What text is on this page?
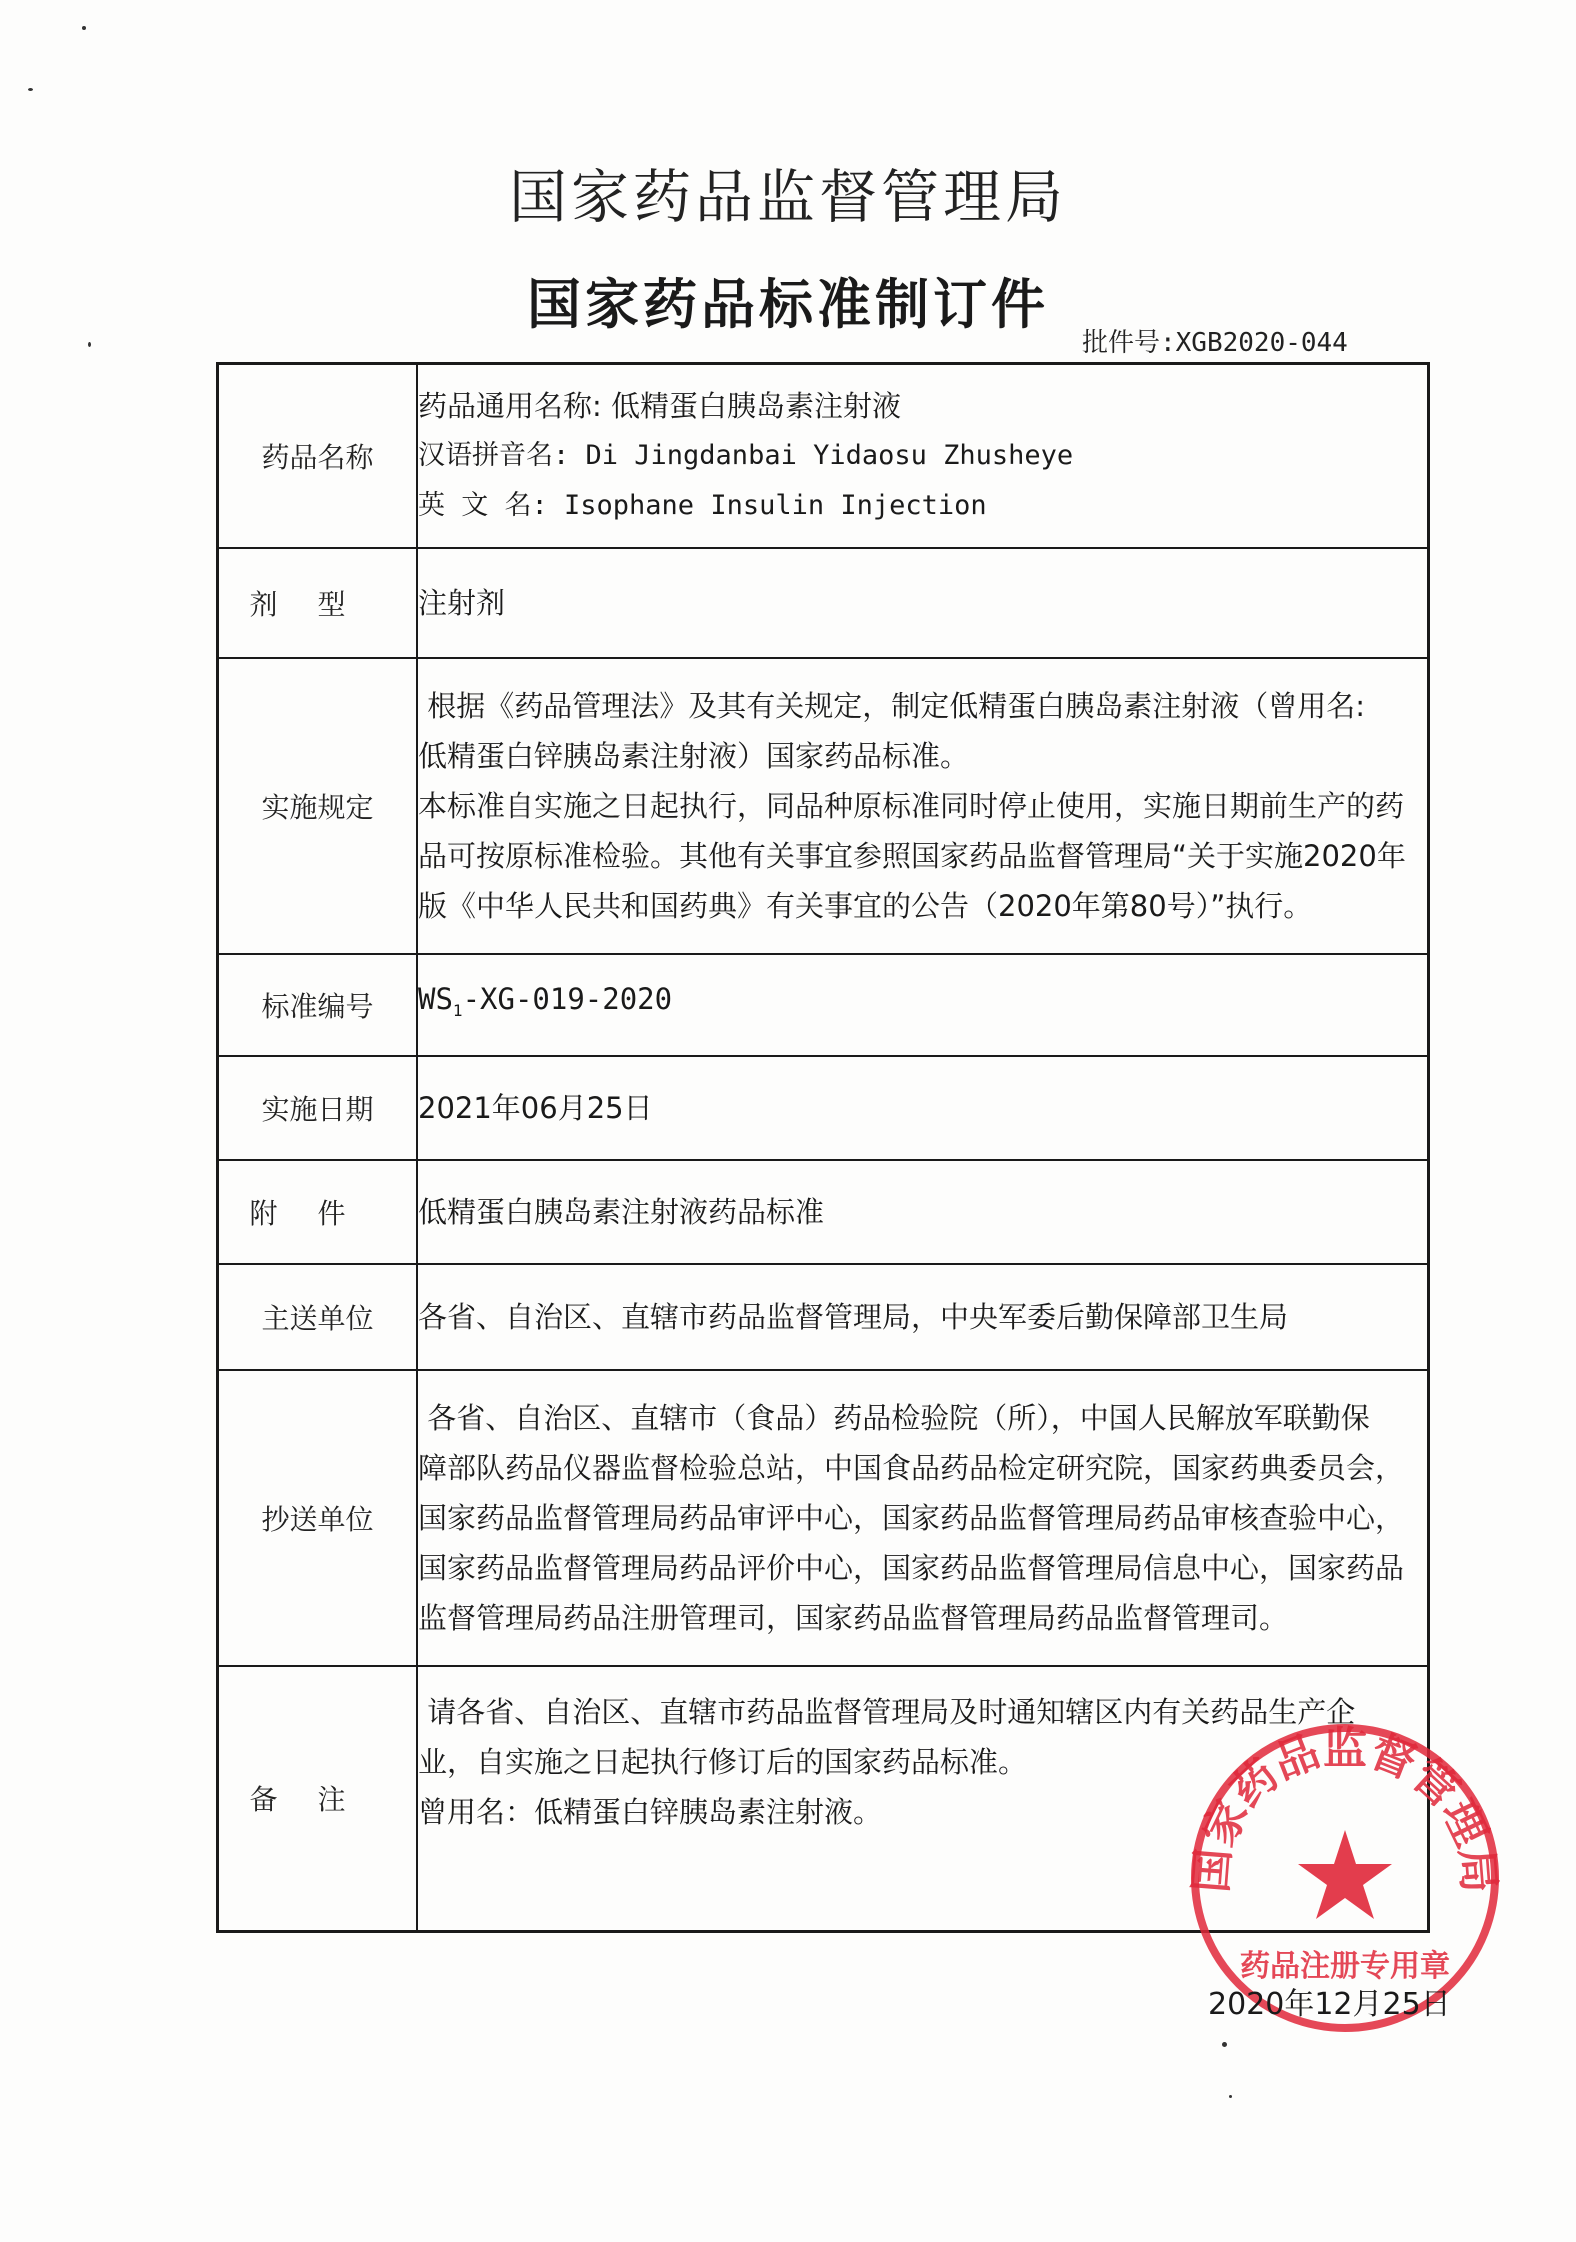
国家药品监督管理局
国家药品标准制订件
批件号:XGB2020-044
药品名称	药品通用名称: 低精蛋白胰岛素注射液
汉语拼音名: Di Jingdanbai Yidaosu Zhusheye
英 文 名: Isophane Insulin Injection

剂型	注射剂
实施规定	根据《药品管理法》及其有关规定，制定低精蛋白胰岛素注射液（曾用名:
低精蛋白锌胰岛素注射液）国家药品标准。
本标准自实施之日起执行，同品种原标准同时停止使用，实施日期前生产的药
品可按原标准检验。其他有关事宜参照国家药品监督管理局“关于实施2020年
版《中华人民共和国药典》有关事宜的公告（2020年第80号）”执行。

标准编号	$WS_1-XG-019-2020$
实施日期	2021年06月25日
附件	低精蛋白胰岛素注射液药品标准
主送单位	各省、自治区、直辖市药品监督管理局，中央军委后勤保障部卫生局
抄送单位	各省、自治区、直辖市（食品）药品检验院（所），中国人民解放军联勤保
障部队药品仪器监督检验总站，中国食品药品检定研究院，国家药典委员会，
国家药品监督管理局药品审评中心，国家药品监督管理局药品审核查验中心，
国家药品监督管理局药品评价中心，国家药品监督管理局信息中心，国家药品
监督管理局药品注册管理司，国家药品监督管理局药品监督管理司。

备注	请各省、自治区、直辖市药品监督管理局及时通知辖区内有关药品生产企
业，自实施之日起执行修订后的国家药品标准。
曾用名：低精蛋白锌胰岛素注射液。
国家药品监督管理局
药品注册专用章
2020年12月25日
